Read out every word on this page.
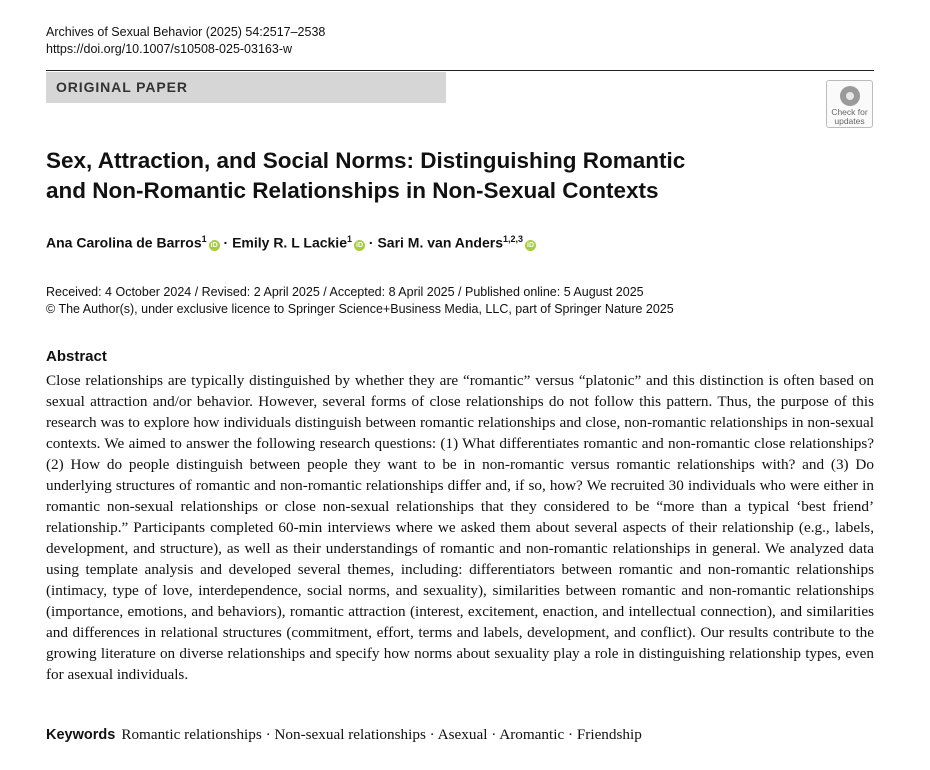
Archives of Sexual Behavior (2025) 54:2517–2538
https://doi.org/10.1007/s10508-025-03163-w
ORIGINAL PAPER
Check for
updates
Sex, Attraction, and Social Norms: Distinguishing Romantic
and Non-Romantic Relationships in Non-Sexual Contexts
Ana Carolina de Barros$^1$iD · Emily R. L Lackie$^1$iD · Sari M. van Anders$^{1,2,3}$iD
Received: 4 October 2024 / Revised: 2 April 2025 / Accepted: 8 April 2025 / Published online: 5 August 2025
© The Author(s), under exclusive licence to Springer Science+Business Media, LLC, part of Springer Nature 2025
Abstract

Close relationships are typically distinguished by whether they are “romantic” versus “platonic” and this distinction is often based on sexual attraction and/or behavior. However, several forms of close relationships do not follow this pattern. Thus, the purpose of this research was to explore how individuals distinguish between romantic relationships and close, non-romantic relationships in non-sexual contexts. We aimed to answer the following research questions: (1) What differentiates romantic and non-romantic close relationships? (2) How do people distinguish between people they want to be in non-romantic versus romantic relationships with? and (3) Do underlying structures of romantic and non-romantic relationships differ and, if so, how? We recruited 30 individuals who were either in romantic non-sexual relationships or close non-sexual relationships that they considered to be “more than a typical ‘best friend’ relationship.” Participants completed 60-min interviews where we asked them about several aspects of their relationship (e.g., labels, development, and structure), as well as their understandings of romantic and non-romantic relationships in general. We analyzed data using template analysis and developed several themes, including: differentiators between romantic and non-romantic relationships (intimacy, type of love, interdependence, social norms, and sexuality), similarities between romantic and non-romantic relationships (importance, emotions, and behaviors), romantic attraction (interest, excitement, enaction, and intellectual connection), and similarities and differences in relational structures (commitment, effort, terms and labels, development, and conflict). Our results contribute to the growing literature on diverse relationships and specify how norms about sexuality play a role in distinguishing relationship types, even for asexual individuals.

Keywords Romantic relationships · Non-sexual relationships · Asexual · Aromantic · Friendship
